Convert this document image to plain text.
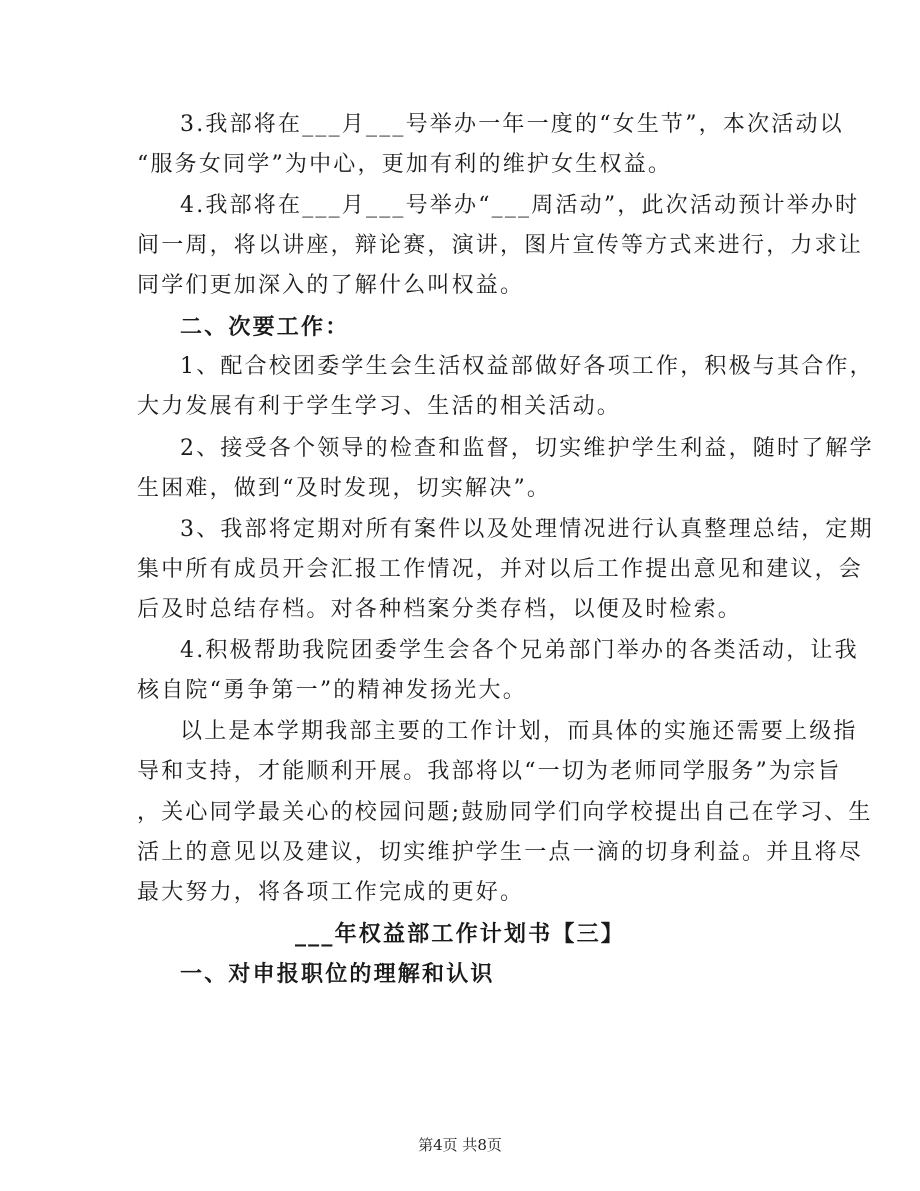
3.我部将在___月___号举办一年一度的“女生节”，本次活动以
“服务女同学”为中心，更加有利的维护女生权益。
4.我部将在___月___号举办“___周活动”，此次活动预计举办时
间一周，将以讲座，辩论赛，演讲，图片宣传等方式来进行，力求让
同学们更加深入的了解什么叫权益。
二、次要工作：
1、配合校团委学生会生活权益部做好各项工作，积极与其合作，
大力发展有利于学生学习、生活的相关活动。
2、接受各个领导的检查和监督，切实维护学生利益，随时了解学
生困难，做到“及时发现，切实解决”。
3、我部将定期对所有案件以及处理情况进行认真整理总结，定期
集中所有成员开会汇报工作情况，并对以后工作提出意见和建议，会
后及时总结存档。对各种档案分类存档，以便及时检索。
4.积极帮助我院团委学生会各个兄弟部门举办的各类活动，让我
核自院“勇争第一”的精神发扬光大。
以上是本学期我部主要的工作计划，而具体的实施还需要上级指
导和支持，才能顺利开展。我部将以“一切为老师同学服务”为宗旨
，关心同学最关心的校园问题;鼓励同学们向学校提出自己在学习、生
活上的意见以及建议，切实维护学生一点一滴的切身利益。并且将尽
最大努力，将各项工作完成的更好。
___年权益部工作计划书【三】
一、对申报职位的理解和认识
第4页 共8页
